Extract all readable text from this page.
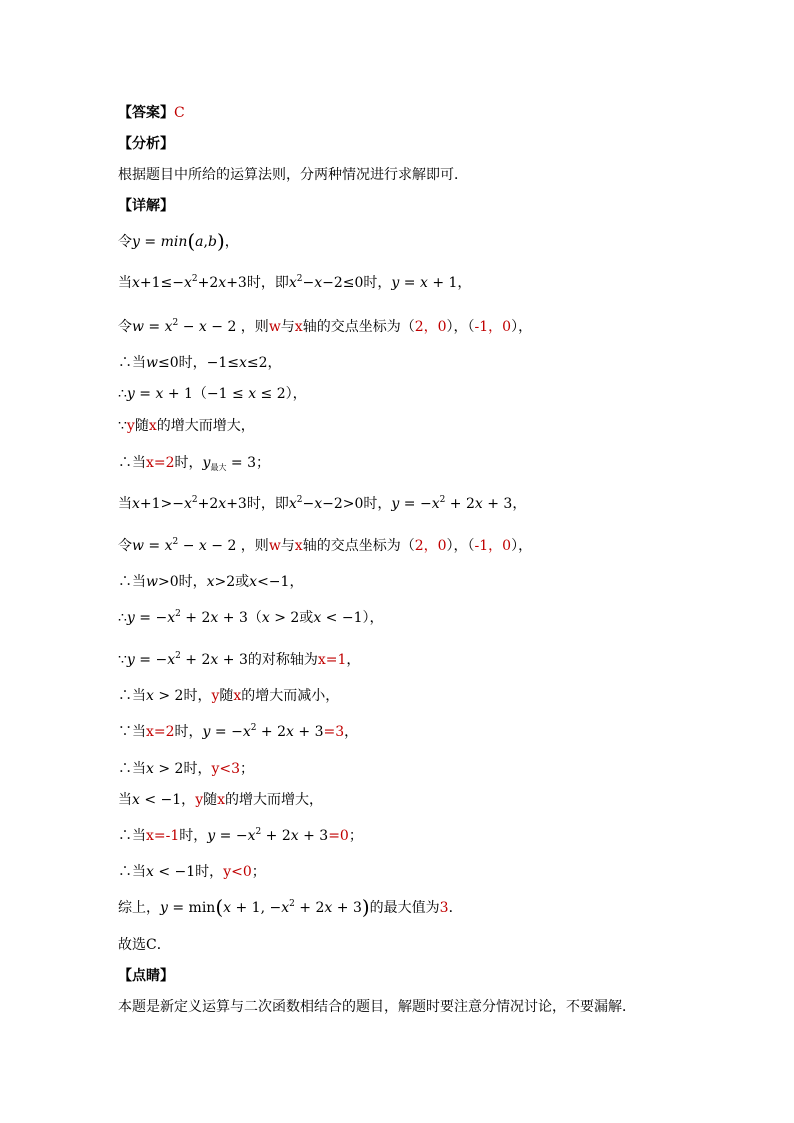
【答案】C
【分析】
根据题目中所给的运算法则，分两种情况进行求解即可．
【详解】
令y = min(a,b)，
当$x+1\le-x^2+2x+3$时，即$x^2-x-2\le 0$时，y = x + 1，
令$w = x^2 - x - 2$ ，则w与x轴的交点坐标为（2，0），（-1，0），
∴当w≤0时，−1≤x≤2，
∴y = x + 1（−1 ≤ x ≤ 2），
∵y随x的增大而增大，
∴当x=2时，$y_{最大} = 3$；
当$x+1>-x^2+2x+3$时，即$x^2-x-2>0$时，$y = -x^2 + 2x + 3$，
令$w = x^2 - x - 2$ ，则w与x轴的交点坐标为（2，0），（-1，0），
∴当w>0时，x>2或x<−1，
∴y = $-x^2 + 2x + 3(x > 2$或x < −1），
∵y = $-x^2 + 2x + 3$的对称轴为x=1，
∴当x > 2时，y随x的增大而减小，
∵当x=2时，$y = -x^2 + 2x + 3=3$，
∴当x > 2时，y<3；
当x < −1，y随x的增大而增大，
∴当x=-1时，$y = -x^2 + 2x + 3=0$；
∴当x < −1时，y<0；
综上，y = min(x + 1, $-x^2 + 2x + 3$)的最大值为3．
故选C．
【点睛】
本题是新定义运算与二次函数相结合的题目，解题时要注意分情况讨论，不要漏解．
